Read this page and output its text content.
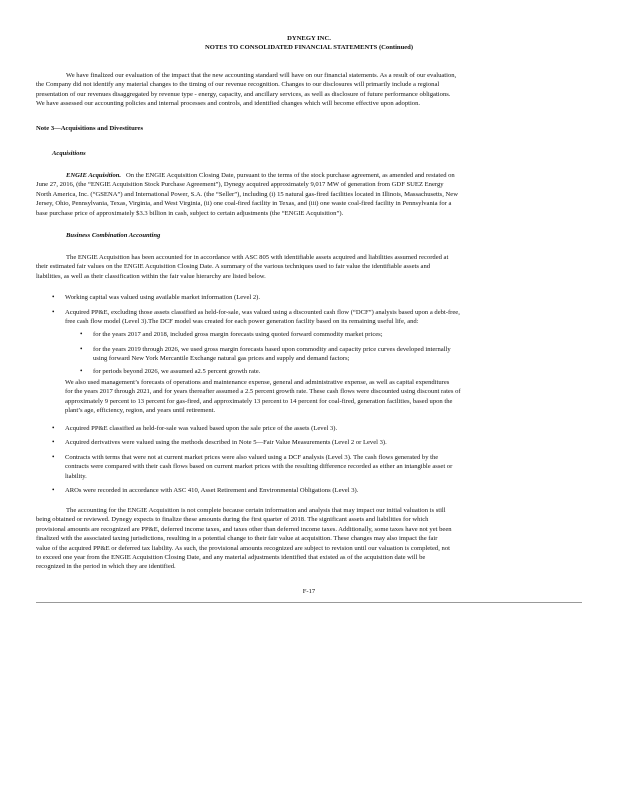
DYNEGY INC.
NOTES TO CONSOLIDATED FINANCIAL STATEMENTS (Continued)
We have finalized our evaluation of the impact that the new accounting standard will have on our financial statements. As a result of our evaluation,
the Company did not identify any material changes to the timing of our revenue recognition. Changes to our disclosures will primarily include a regional
presentation of our revenues disaggregated by revenue type - energy, capacity, and ancillary services, as well as disclosure of future performance obligations.
We have assessed our accounting policies and internal processes and controls, and identified changes which will become effective upon adoption.
Note 3—Acquisitions and Divestitures
Acquisitions
ENGIE Acquisition. On the ENGIE Acquisition Closing Date, pursuant to the terms of the stock purchase agreement, as amended and restated on
June 27, 2016, (the “ENGIE Acquisition Stock Purchase Agreement”), Dynegy acquired approximately 9,017 MW of generation from GDF SUEZ Energy
North America, Inc. (“GSENA”) and International Power, S.A. (the “Seller”), including (i) 15 natural gas-fired facilities located in Illinois, Massachusetts, New
Jersey, Ohio, Pennsylvania, Texas, Virginia, and West Virginia, (ii) one coal-fired facility in Texas, and (iii) one waste coal-fired facility in Pennsylvania for a
base purchase price of approximately $3.3 billion in cash, subject to certain adjustments (the “ENGIE Acquisition”).
Business Combination Accounting
The ENGIE Acquisition has been accounted for in accordance with ASC 805 with identifiable assets acquired and liabilities assumed recorded at
their estimated fair values on the ENGIE Acquisition Closing Date. A summary of the various techniques used to fair value the identifiable assets and
liabilities, as well as their classification within the fair value hierarchy are listed below.
• Working capital was valued using available market information (Level 2).
• Acquired PP&E, excluding those assets classified as held-for-sale, was valued using a discounted cash flow (“DCF”) analysis based upon a debt-free,
free cash flow model (Level 3).The DCF model was created for each power generation facility based on its remaining useful life, and:
• for the years 2017 and 2018, included gross margin forecasts using quoted forward commodity market prices;
• for the years 2019 through 2026, we used gross margin forecasts based upon commodity and capacity price curves developed internally
using forward New York Mercantile Exchange natural gas prices and supply and demand factors;
• for periods beyond 2026, we assumed a2.5 percent growth rate.
We also used management’s forecasts of operations and maintenance expense, general and administrative expense, as well as capital expenditures
for the years 2017 through 2021, and for years thereafter assumed a 2.5 percent growth rate. These cash flows were discounted using discount rates of
approximately 9 percent to 13 percent for gas-fired, and approximately 13 percent to 14 percent for coal-fired, generation facilities, based upon the
plant’s age, efficiency, region, and years until retirement.
• Acquired PP&E classified as held-for-sale was valued based upon the sale price of the assets (Level 3).
• Acquired derivatives were valued using the methods described in Note 5—Fair Value Measurements (Level 2 or Level 3).
• Contracts with terms that were not at current market prices were also valued using a DCF analysis (Level 3). The cash flows generated by the
contracts were compared with their cash flows based on current market prices with the resulting difference recorded as either an intangible asset or
liability.
• AROs were recorded in accordance with ASC 410, Asset Retirement and Environmental Obligations (Level 3).
The accounting for the ENGIE Acquisition is not complete because certain information and analysis that may impact our initial valuation is still
being obtained or reviewed. Dynegy expects to finalize these amounts during the first quarter of 2018. The significant assets and liabilities for which
provisional amounts are recognized are PP&E, deferred income taxes, and taxes other than deferred income taxes. Additionally, some taxes have not yet been
finalized with the associated taxing jurisdictions, resulting in a potential change to their fair value at acquisition. These changes may also impact the fair
value of the acquired PP&E or deferred tax liability. As such, the provisional amounts recognized are subject to revision until our valuation is completed, not
to exceed one year from the ENGIE Acquisition Closing Date, and any material adjustments identified that existed as of the acquisition date will be
recognized in the period in which they are identified.
F-17
